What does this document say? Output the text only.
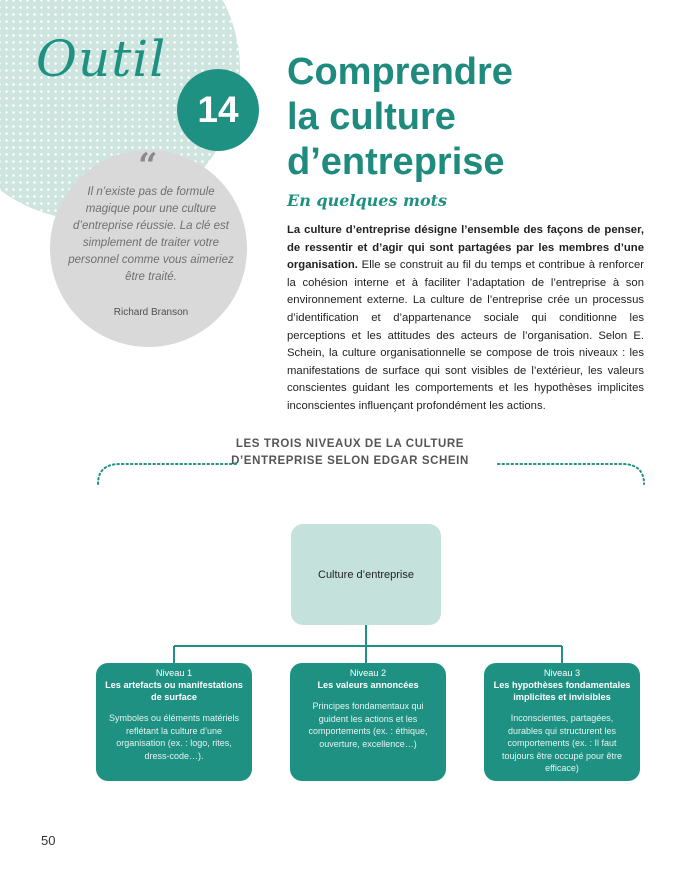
Outil
14
Comprendre
la culture
d’entreprise
“
Il n’existe pas de formule magique pour une culture d’entreprise réussie. La clé est simplement de traiter votre personnel comme vous aimeriez être traité.
Richard Branson
En quelques mots
La culture d’entreprise désigne l’ensemble des façons de penser, de ressentir et d’agir qui sont partagées par les membres d’une organisation. Elle se construit au fil du temps et contribue à renforcer la cohésion interne et à faciliter l’adaptation de l’entreprise à son environnement externe. La culture de l’entreprise crée un processus d’identification et d’appartenance sociale qui conditionne les perceptions et les attitudes des acteurs de l’organisation. Selon E. Schein, la culture organisationnelle se compose de trois niveaux : les manifestations de surface qui sont visibles de l’extérieur, les valeurs conscientes guidant les comportements et les hypothèses implicites inconscientes influençant profondément les actions.
LES TROIS NIVEAUX DE LA CULTURE
D’ENTREPRISE SELON EDGAR SCHEIN
Culture d’entreprise
Niveau 1
Les artefacts ou manifestations de surface
Symboles ou éléments matériels reflétant la culture d’une organisation (ex. : logo, rites, dress-code…).
Niveau 2
Les valeurs annoncées
Principes fondamentaux qui guident les actions et les comportements (ex. : éthique, ouverture, excellence…)
Niveau 3
Les hypothèses fondamentales implicites et invisibles
Inconscientes, partagées, durables qui structurent les comportements (ex. : Il faut toujours être occupé pour être efficace)
50
